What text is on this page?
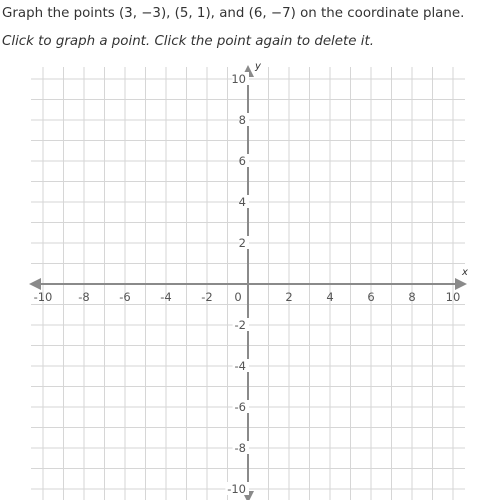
Graph the points (3, −3), (5, 1), and (6, −7) on the coordinate plane.

Click to graph a point. Click the point again to delete it.

-10 -8	-6	-4	-2 0	2	4	6	8	10
10
8
6
4
2
-2
-4
-6
-8
-10
x
y
